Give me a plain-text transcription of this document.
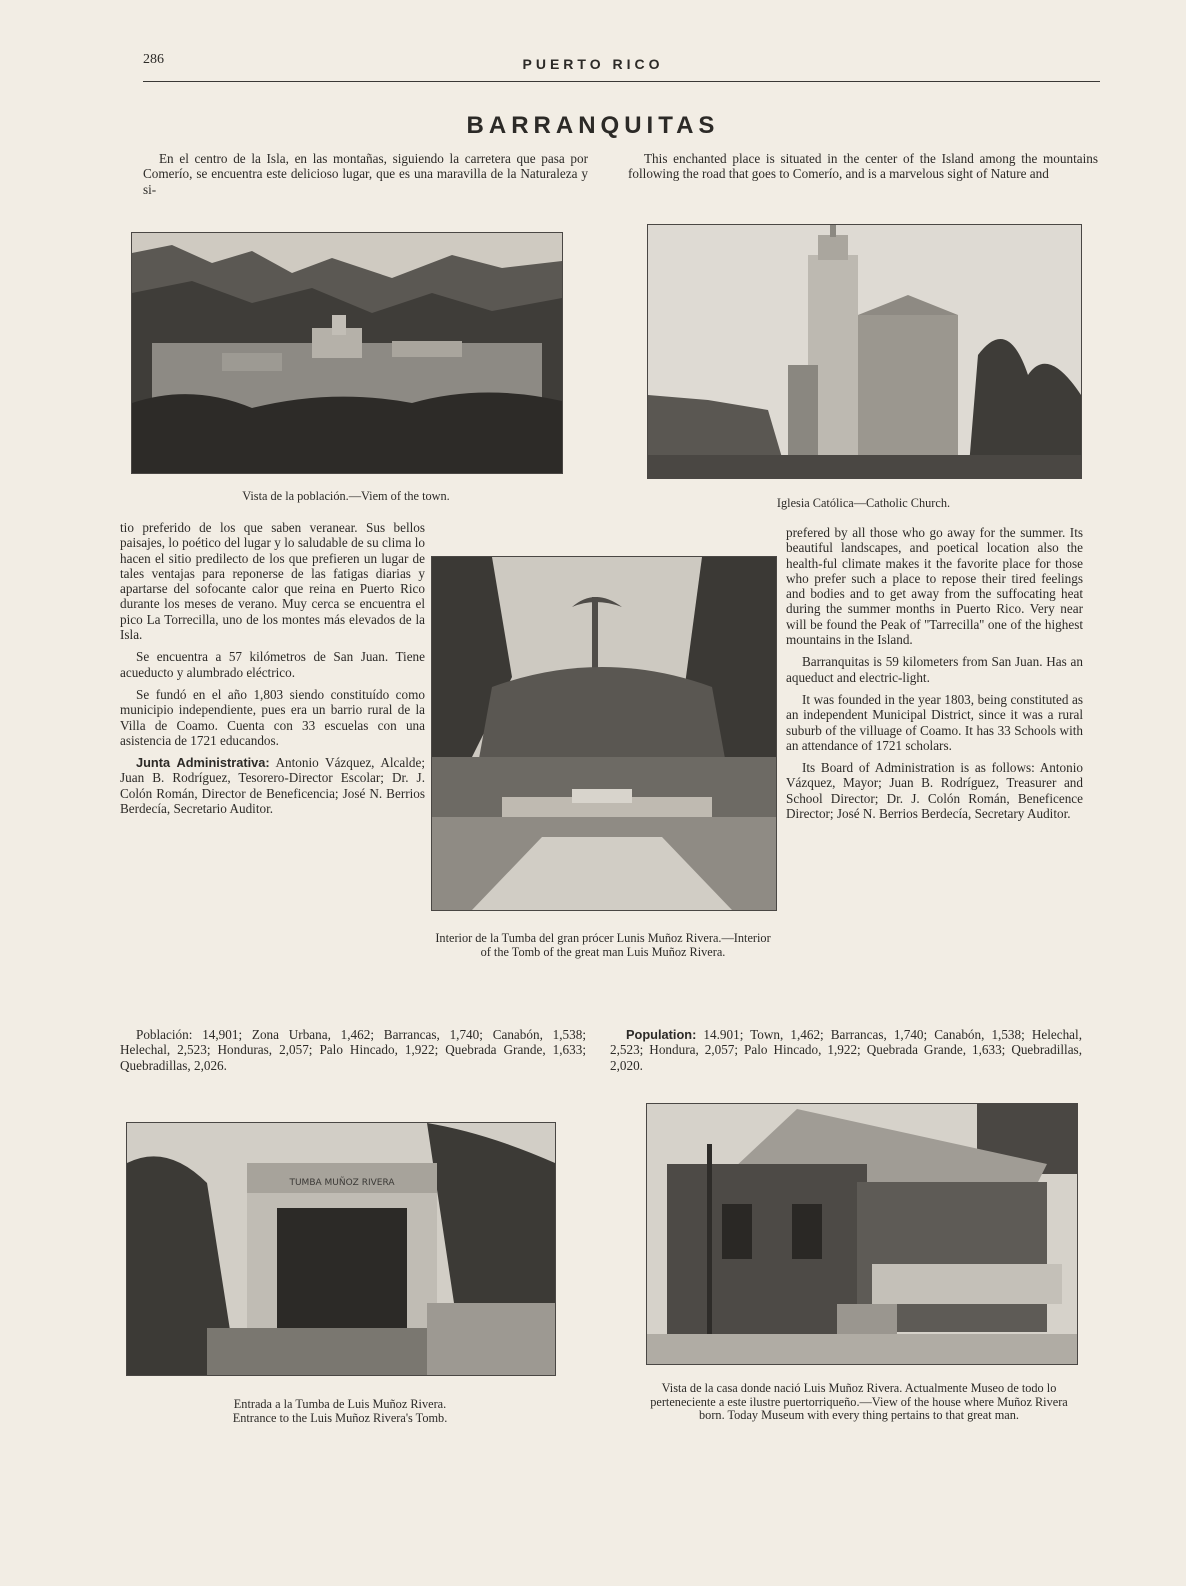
286	PUERTO RICO
BARRANQUITAS

En el centro de la Isla, en las montañas, siguiendo la carretera que pasa por Comerío, se encuentra este delicioso lugar, que es una maravilla de la Naturaleza y si-

This enchanted place is situated in the center of the Island among the mountains following the road that goes to Comerío, and is a marvelous sight of Nature and

Vista de la población.—Viem of the town.	Iglesia Católica—Catholic Church.

tio preferido de los que saben veranear. Sus bellos paisajes, lo poético del lugar y lo saludable de su clima lo hacen el sitio predilecto de los que prefieren un lugar de tales ventajas para reponerse de las fatigas diarias y apartarse del sofocante calor que reina en Puerto Rico durante los meses de verano. Muy cerca se encuentra el pico La Torrecilla, uno de los montes más elevados de la Isla.

Se encuentra a 57 kilómetros de San Juan. Tiene acueducto y alumbrado eléctrico.

Se fundó en el año 1,803 siendo constituído como municipio independiente, pues era un barrio rural de la Villa de Coamo. Cuenta con 33 escuelas con una asistencia de 1721 educandos.

Junta Administrativa: Antonio Vázquez, Alcalde; Juan B. Rodríguez, Tesorero-Director Escolar; Dr. J. Colón Román, Director de Beneficencia; José N. Berrios Berdecía, Secretario Auditor.

Interior de la Tumba del gran prócer Lunis Muñoz Rivera.—Interior of the Tomb of the great man Luis Muñoz Rivera.

prefered by all those who go away for the summer. Its beautiful landscapes, and poetical location also the health-ful climate makes it the favorite place for those who prefer such a place to repose their tired feelings and bodies and to get away from the suffocating heat during the summer months in Puerto Rico. Very near will be found the Peak of ''Tarrecilla'' one of the highest mountains in the Island.

Barranquitas is 59 kilometers from San Juan. Has an aqueduct and electric-light.

It was founded in the year 1803, being constituted as an independent Municipal District, since it was a rural suburb of the villuage of Coamo. It has 33 Schools with an attendance of 1721 scholars.

Its Board of Administration is as follows: Antonio Vázquez, Mayor; Juan B. Rodríguez, Treasurer and School Director; Dr. J. Colón Román, Beneficence Director; José N. Berrios Berdecía, Secretary Auditor.

Población: 14,901; Zona Urbana, 1,462; Barrancas, 1,740; Canabón, 1,538; Helechal, 2,523; Honduras, 2,057; Palo Hincado, 1,922; Quebrada Grande, 1,633; Quebradillas, 2,026.

Population: 14.901; Town, 1,462; Barrancas, 1,740; Canabón, 1,538; Helechal, 2,523; Hondura, 2,057; Palo Hincado, 1,922; Quebrada Grande, 1,633; Quebradillas, 2,020.

TUMBA MUÑOZ RIVERA
Entrada a la Tumba de Luis Muñoz Rivera.
Entrance to the Luis Muñoz Rivera's Tomb.
Vista de la casa donde nació Luis Muñoz Rivera. Actualmente Museo de todo lo perteneciente a este ilustre puertorriqueño.—View of the house where Muñoz Rivera born. Today Museum with every thing pertains to that great man.
